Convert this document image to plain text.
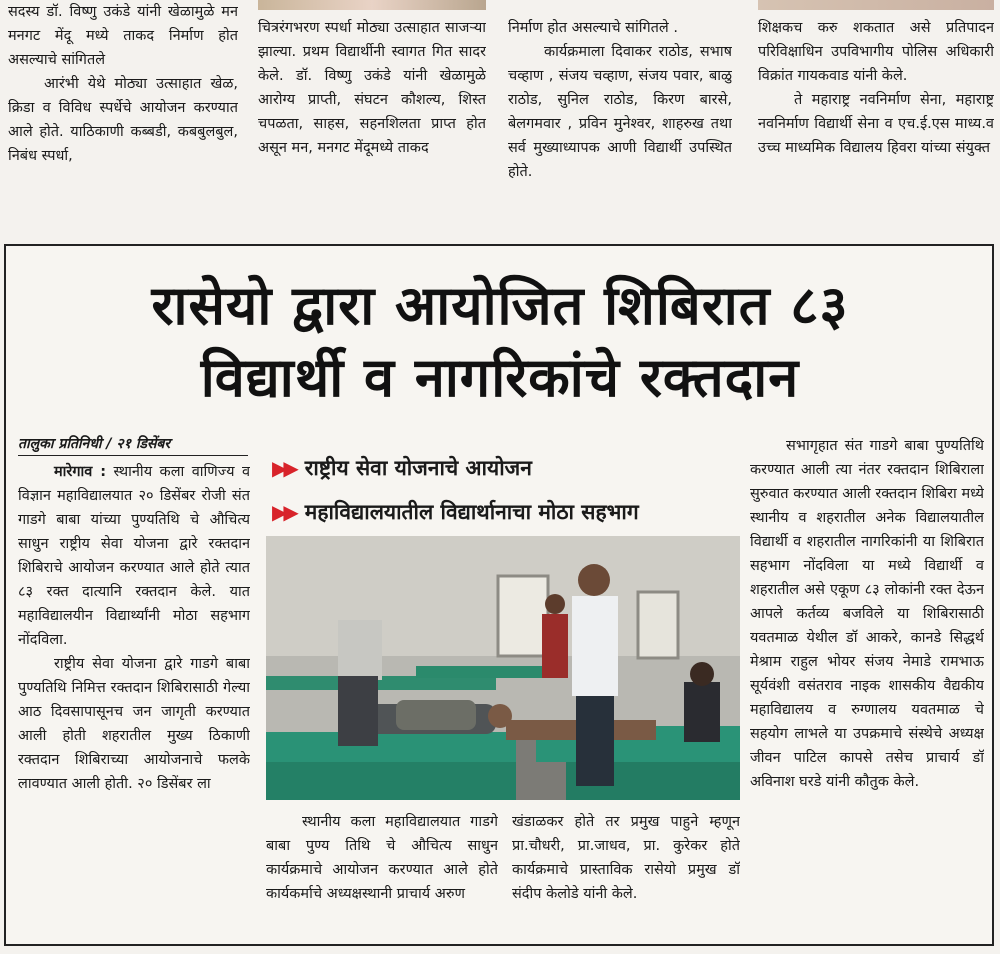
सदस्य डॉ. विष्णु उकंडे यांनी खेळामुळे मन मनगट मेंदू मध्ये ताकद निर्माण होत असल्याचे सांगितले

आरंभी येथे मोठ्या उत्साहात खेळ, क्रिडा व विविध स्पर्धेचे आयोजन करण्यात आले होते. याठिकाणी कब्बडी, कबबुलबुल, निबंध स्पर्धा,

चित्ररंगभरण स्पर्धा मोठ्या उत्साहात साजऱ्या झाल्या. प्रथम विद्यार्थीनी स्वागत गित सादर केले. डॉ. विष्णु उकंडे यांनी खेळामुळे आरोग्य प्राप्ती, संघटन कौशल्य, शिस्त चपळता, साहस, सहनशिलता प्राप्त होत असून मन, मनगट मेंदूमध्ये ताकद

निर्माण होत असल्याचे सांगितले .

कार्यक्रमाला दिवाकर राठोड, सभाष चव्हाण , संजय चव्हाण, संजय पवार, बाळु राठोड, सुनिल राठोड, किरण बारसे, बेलगमवार , प्रविन मुनेश्वर, शाहरुख तथा सर्व मुख्याध्यापक आणी विद्यार्थी उपस्थित होते.

शिक्षकच करु शकतात असे प्रतिपादन परिविक्षाधिन उपविभागीय पोलिस अधिकारी विक्रांत गायकवाड यांनी केले.

ते महाराष्ट्र नवनिर्माण सेना, महाराष्ट्र नवनिर्माण विद्यार्थी सेना व एच.ई.एस माध्य.व उच्च माध्यमिक विद्यालय हिवरा यांच्या संयुक्त

रासेयो द्वारा आयोजित शिबिरात ८३
विद्यार्थी व नागरिकांचे रक्तदान
तालुका प्रतिनिधी / २१ डिसेंबर

मारेगाव : स्थानीय कला वाणिज्य व विज्ञान महाविद्यालयात २० डिसेंबर रोजी संत गाडगे बाबा यांच्या पुण्यतिथि चे औचित्य साधुन राष्ट्रीय सेवा योजना द्वारे रक्तदान शिबिराचे आयोजन करण्यात आले होते त्यात ८३ रक्त दात्यानि रक्तदान केले. यात महाविद्यालयीन विद्यार्थ्यांनी मोठा सहभाग नोंदविला.

राष्ट्रीय सेवा योजना द्वारे गाडगे बाबा पुण्यतिथि निमित्त रक्तदान शिबिरासाठी गेल्या आठ दिवसापासूनच जन जागृती करण्यात आली होती शहरातील मुख्य ठिकाणी रक्तदान शिबिराच्या आयोजनाचे फलके लावण्यात आली होती. २० डिसेंबर ला

▶▶ राष्ट्रीय सेवा योजनाचे आयोजन
▶▶ महाविद्यालयातील विद्यार्थानाचा मोठा सहभाग

स्थानीय कला महाविद्यालयात गाडगे बाबा पुण्य तिथि चे औचित्य साधुन कार्यक्रमाचे आयोजन करण्यात आले होते कार्यकर्माचे अध्यक्षस्थानी प्राचार्य अरुण

खंडाळकर होते तर प्रमुख पाहुने म्हणून प्रा.चौधरी, प्रा.जाधव, प्रा. कुरेकर होते कार्यक्रमाचे प्रास्ताविक रासेयो प्रमुख डॉ संदीप केलोडे यांनी केले.

सभागृहात संत गाडगे बाबा पुण्यतिथि करण्यात आली त्या नंतर रक्तदान शिबिराला सुरुवात करण्यात आली रक्तदान शिबिरा मध्ये स्थानीय व शहरातील अनेक विद्यालयातील विद्यार्थी व शहरातील नागरिकांनी या शिबिरात सहभाग नोंदविला या मध्ये विद्यार्थी व शहरातील असे एकूण ८३ लोकांनी रक्त देऊन आपले कर्तव्य बजविले या शिबिरासाठी यवतमाळ येथील डॉ आकरे, कानडे सिद्धर्थ मेश्राम राहुल भोयर संजय नेमाडे रामभाऊ सूर्यवंशी वसंतराव नाइक शासकीय वैद्यकीय महाविद्यालय व रुग्णालय यवतमाळ चे सहयोग लाभले या उपक्रमाचे संस्थेचे अध्यक्ष जीवन पाटिल कापसे तसेच प्राचार्य डॉ अविनाश घरडे यांनी कौतुक केले.
